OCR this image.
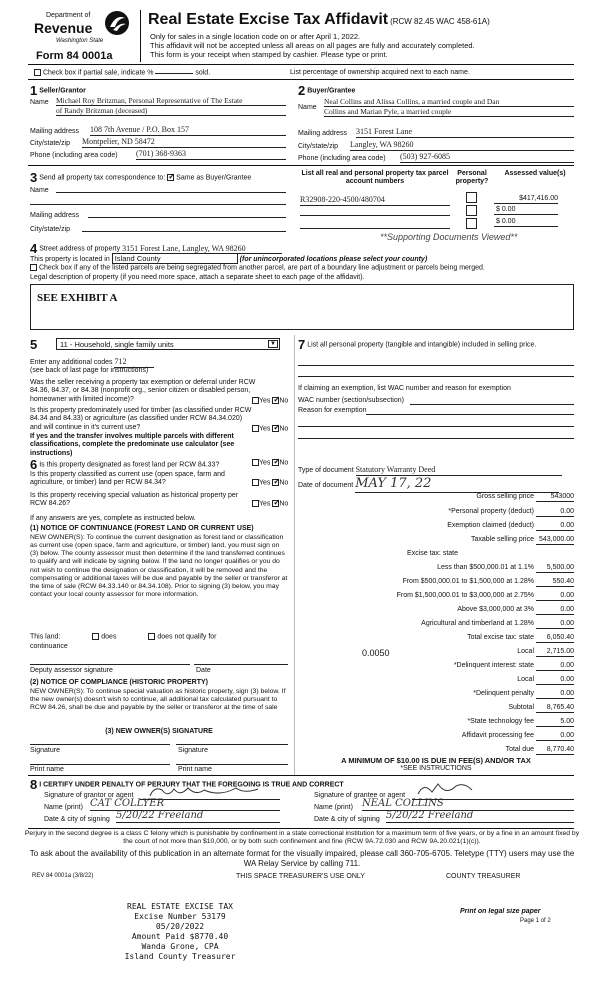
Department of
Revenue
Washington State
Form 84 0001a
Real Estate Excise Tax Affidavit (RCW 82.45 WAC 458-61A)
Only for sales in a single location code on or after April 1, 2022.
This affidavit will not be accepted unless all areas on all pages are fully and accurately completed.
This form is your receipt when stamped by cashier. Please type or print.
Check box if partial sale, indicate %	sold.	List percentage of ownership acquired next to each name.
1 Seller/Grantor
Name Michael Roy Britzman, Personal Representative of The Estate
of Randy Britzman (deceased)
Mailing address 108 7th Avenue / P.O. Box 157
City/state/zip Montpelier, ND 58472
Phone (including area code) (701) 368-9363
2 Buyer/Grantee
Name
Neal Collins and Alissa Collins, a married couple and Dan
Collins and Marian Pyle, a married couple
Mailing address 3151 Forest Lane
City/state/zip Langley, WA 98260
Phone (including area code) (503) 927-6085
3 Send all property tax correspondence to: ✓ Same as Buyer/Grantee
Name
Mailing address
City/state/zip
List all real and personal property tax parcel account numbers
Personal property?
Assessed value(s)
R32908-220-4500/480704	$417,416.00
$ 0.00
$ 0.00
**Supporting Documents Viewed**
4 Street address of property 3151 Forest Lane, Langley, WA 98260
This property is located in Island County	(for unincorporated locations please select your county)
Check box if any of the listed parcels are being segregated from another parcel, are part of a boundary line adjustment or parcels being merged.
Legal description of property (if you need more space, attach a separate sheet to each page of the affidavit).
SEE EXHIBIT A
5	11 - Household, single family units	▼
Enter any additional codes 712
(see back of last page for instructions)
Was the seller receiving a property tax exemption or deferral under RCW 84.36, 84.37, or 84.38 (nonprofit org., senior citizen or disabled person, homeowner with limited income)?	Yes ✓ No
Is this property predominately used for timber (as classified under RCW 84.34 and 84.33) or agriculture (as classified under RCW 84.34.020) and will continue in it's current use?
If yes and the transfer involves multiple parcels with different classifications, complete the predominate use calculator (see instructions)
Yes ✓ No
6 Is this property designated as forest land per RCW 84.33?	Yes ✓ No
Is this property classified as current use (open space, farm and agriculture, or timber) land per RCW 84.34?	Yes ✓ No
Is this property receiving special valuation as historical property per RCW 84.26?	Yes ✓ No
If any answers are yes, complete as instructed below.
(1) NOTICE OF CONTINUANCE (FOREST LAND OR CURRENT USE)
NEW OWNER(S): To continue the current designation as forest land or classification as current use (open space, farm and agriculture, or timber) land, you must sign on (3) below. The county assessor must then determine if the land transferred continues to qualify and will indicate by signing below. If the land no longer qualifies or you do not wish to continue the designation or classification, it will be removed and the compensating or additional taxes will be due and payable by the seller or transferor at the time of sale (RCW 84.33.140 or 84.34.108). Prior to signing (3) below, you may contact your local county assessor for more information.
This land:	does	does not qualify for
continuance
Deputy assessor signature	Date
(2) NOTICE OF COMPLIANCE (HISTORIC PROPERTY)
NEW OWNER(S): To continue special valuation as historic property, sign (3) below. If the new owner(s) doesn't wish to continue, all additional tax calculated pursuant to RCW 84.26, shall be due and payable by the seller or transferor at the time of sale
(3) NEW OWNER(S) SIGNATURE
Signature	Signature
Print name	Print name
7 List all personal property (tangible and intangible) included in selling price.
If claiming an exemption, list WAC number and reason for exemption
WAC number (section/subsection)
Reason for exemption
Type of document Statutory Warranty Deed
Date of document MAY 17, 22
Gross selling price	543000
*Personal property (deduct)	0.00
Exemption claimed (deduct)	0.00
Taxable selling price 543,000.00
Excise tax: state
Less than $500,000.01 at 1.1%	5,500.00
From $500,000.01 to $1,500,000 at 1.28%	550.40
From $1,500,000.01 to $3,000,000 at 2.75%	0.00
Above $3,000,000 at 3%	0.00
Agricultural and timberland at 1.28%	0.00
Total excise tax: state	6,050.40
0.0050	Local	2,715.00
*Delinquent interest: state	0.00
Local	0.00
*Delinquent penalty	0.00
Subtotal	8,765.40
*State technology fee	5.00
Affidavit processing fee	0.00
Total due	8,770.40
A MINIMUM OF $10.00 IS DUE IN FEE(S) AND/OR TAX
*SEE INSTRUCTIONS
8 I CERTIFY UNDER PENALTY OF PERJURY THAT THE FOREGOING IS TRUE AND CORRECT
Signature of grantor or agent
Name (print) CAT COLLYER
Date & city of signing 5/20/22 Freeland
Signature of grantee or agent
Name (print) NEAL COLLINS
Date & city of signing 5/20/22 Freeland
Perjury in the second degree is a class C felony which is punishable by confinement in a state correctional institution for a maximum term of five years, or by a fine in an amount fixed by the court of not more than $10,000, or by both such confinement and fine (RCW 9A.72.030 and RCW 9A.20.021(1)(c)).
To ask about the availability of this publication in an alternate format for the visually impaired, please call 360-705-6705. Teletype (TTY) users may use the WA Relay Service by calling 711.
REV 84 0001a (3/8/22)	THIS SPACE TREASURER'S USE ONLY	COUNTY TREASURER
REAL ESTATE EXCISE TAX
Excise Number 53179
05/20/2022
Amount Paid $8770.40
Wanda Grone, CPA
Island County Treasurer
Print on legal size paper
Page 1 of 2
